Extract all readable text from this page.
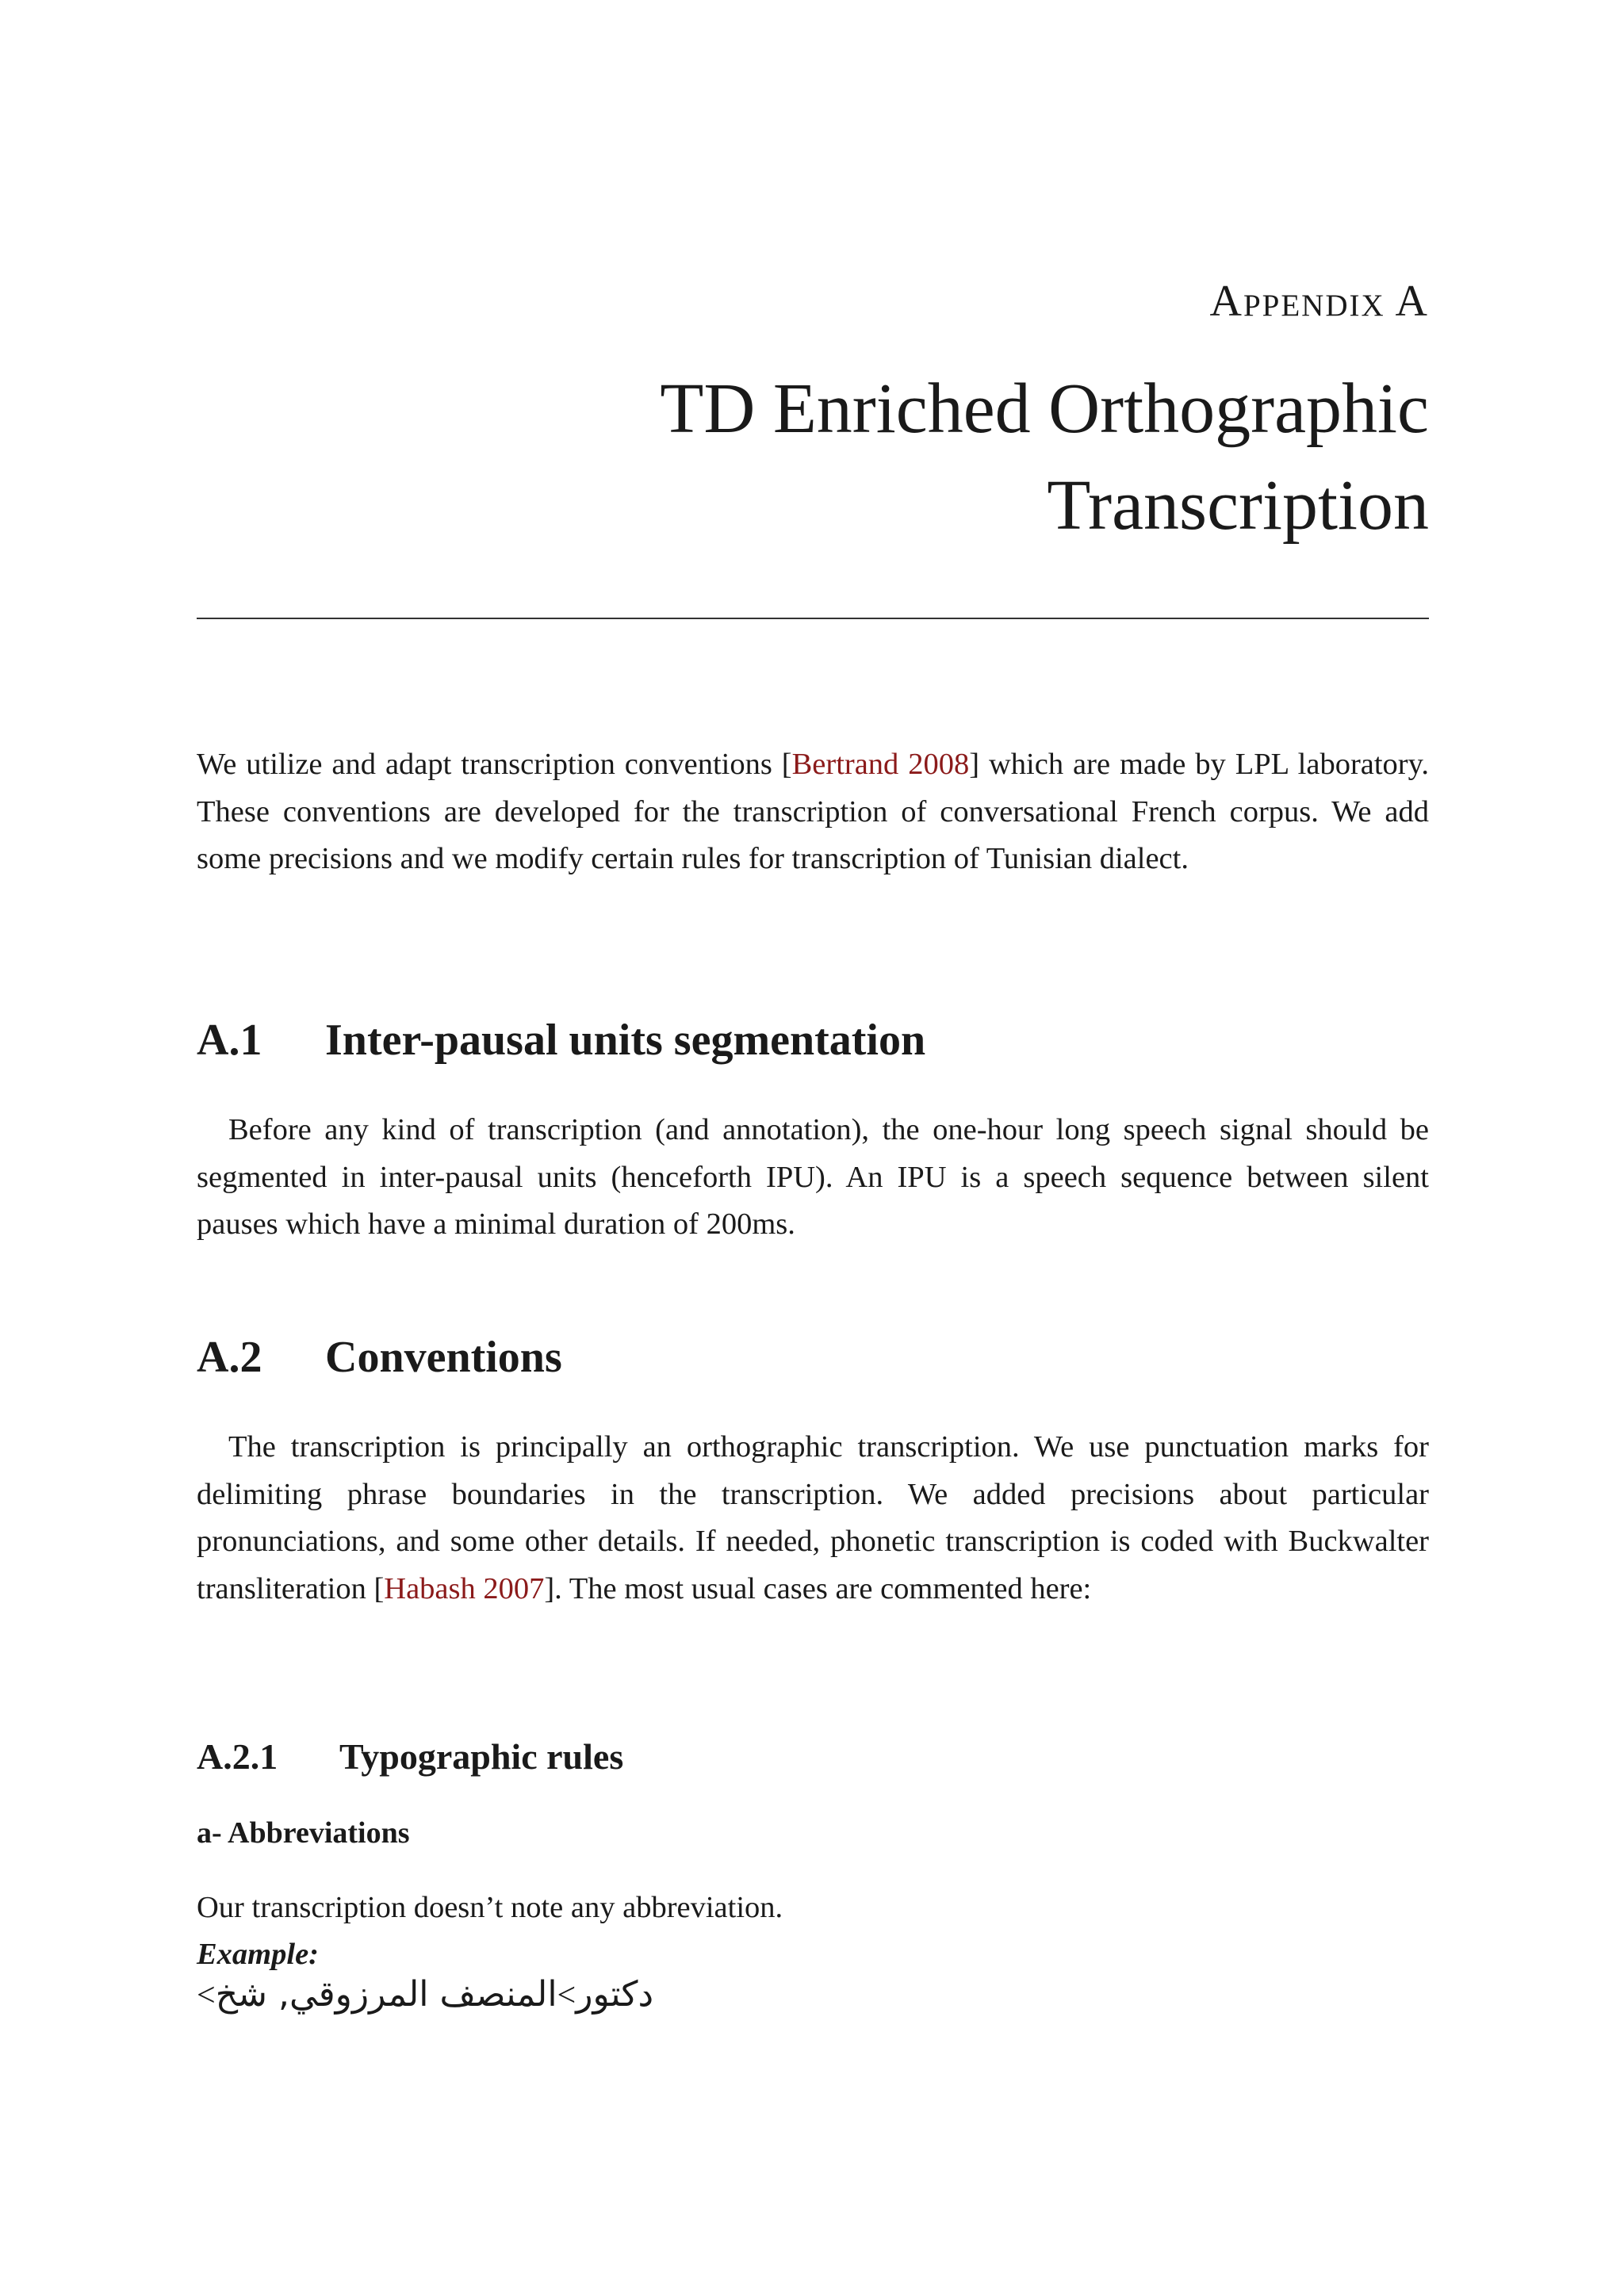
Appendix A
TD Enriched Orthographic Transcription

We utilize and adapt transcription conventions [Bertrand 2008] which are made by LPL laboratory. These conventions are developed for the transcription of conversational French corpus. We add some precisions and we modify certain rules for transcription of Tunisian dialect.

A.1 Inter-pausal units segmentation

Before any kind of transcription (and annotation), the one-hour long speech signal should be segmented in inter-pausal units (henceforth IPU). An IPU is a speech sequence between silent pauses which have a minimal duration of 200ms.

A.2 Conventions

The transcription is principally an orthographic transcription. We use punctuation marks for delimiting phrase boundaries in the transcription. We added precisions about particular pronunciations, and some other details. If needed, phonetic transcription is coded with Buckwalter transliteration [Habash 2007]. The most usual cases are commented here:

A.2.1 Typographic rules
a- Abbreviations

Our transcription doesn’t note any abbreviation.

Example:

<شخ المنصف المرزوقي,<دكتور
